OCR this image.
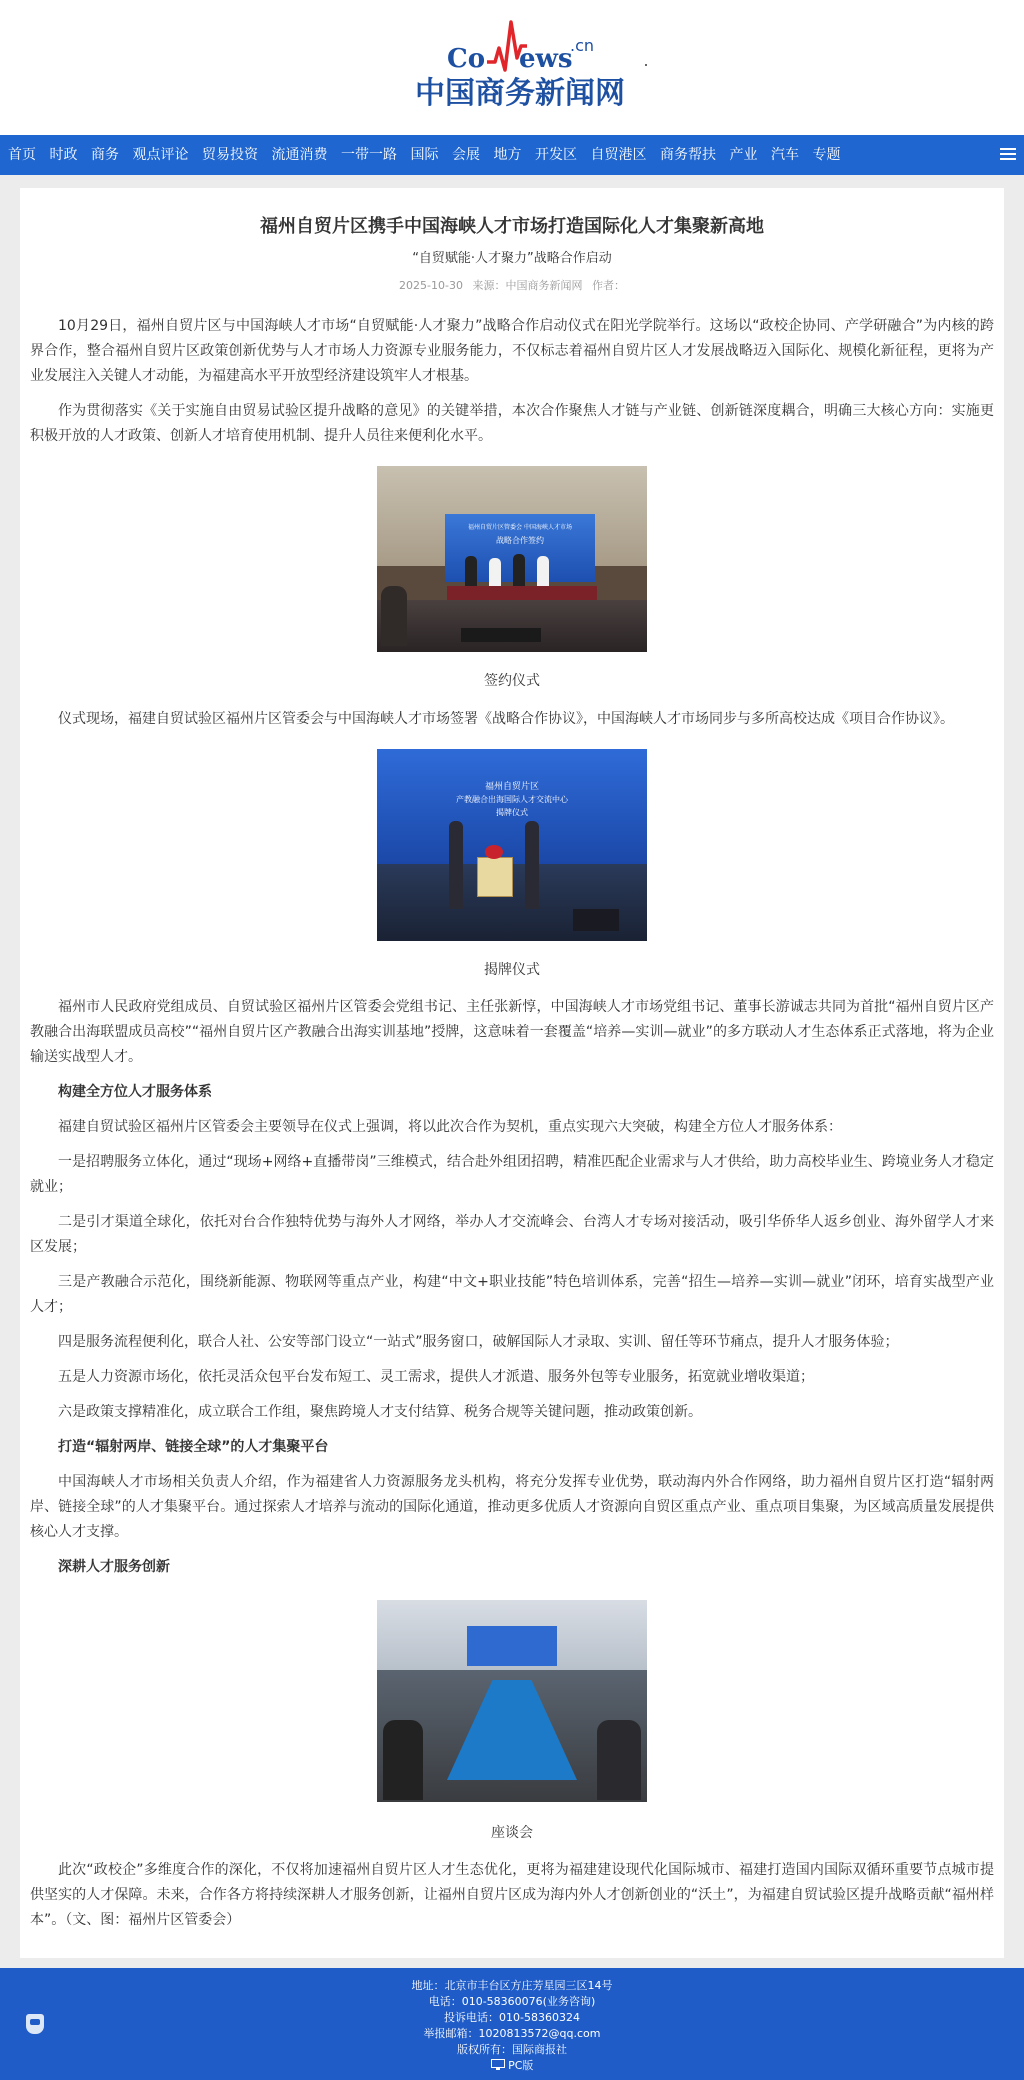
Co ews
.cn
中国商务新闻网
首页 时政 商务 观点评论 贸易投资 流通消费 一带一路 国际 会展 地方 开发区 自贸港区 商务帮扶 产业 汽车 专题
福州自贸片区携手中国海峡人才市场打造国际化人才集聚新高地
“自贸赋能·人才聚力”战略合作启动
2025-10-30 来源：中国商务新闻网 作者：
10月29日，福州自贸片区与中国海峡人才市场“自贸赋能·人才聚力”战略合作启动仪式在阳光学院举行。这场以“政校企协同、产学研融合”为内核的跨界合作，整合福州自贸片区政策创新优势与人才市场人力资源专业服务能力，不仅标志着福州自贸片区人才发展战略迈入国际化、规模化新征程，更将为产业发展注入关键人才动能，为福建高水平开放型经济建设筑牢人才根基。
作为贯彻落实《关于实施自由贸易试验区提升战略的意见》的关键举措，本次合作聚焦人才链与产业链、创新链深度耦合，明确三大核心方向：实施更积极开放的人才政策、创新人才培育使用机制、提升人员往来便利化水平。
福州自贸片区管委会 中国海峡人才市场
战略合作签约
签约仪式
仪式现场，福建自贸试验区福州片区管委会与中国海峡人才市场签署《战略合作协议》，中国海峡人才市场同步与多所高校达成《项目合作协议》。
福州自贸片区
产教融合出海国际人才交流中心
揭牌仪式
揭牌仪式
福州市人民政府党组成员、自贸试验区福州片区管委会党组书记、主任张新惇，中国海峡人才市场党组书记、董事长游诚志共同为首批“福州自贸片区产教融合出海联盟成员高校”“福州自贸片区产教融合出海实训基地”授牌，这意味着一套覆盖“培养—实训—就业”的多方联动人才生态体系正式落地，将为企业输送实战型人才。
构建全方位人才服务体系
福建自贸试验区福州片区管委会主要领导在仪式上强调，将以此次合作为契机，重点实现六大突破，构建全方位人才服务体系：
一是招聘服务立体化，通过“现场+网络+直播带岗”三维模式，结合赴外组团招聘，精准匹配企业需求与人才供给，助力高校毕业生、跨境业务人才稳定就业；
二是引才渠道全球化，依托对台合作独特优势与海外人才网络，举办人才交流峰会、台湾人才专场对接活动，吸引华侨华人返乡创业、海外留学人才来区发展；
三是产教融合示范化，围绕新能源、物联网等重点产业，构建“中文+职业技能”特色培训体系，完善“招生—培养—实训—就业”闭环，培育实战型产业人才；
四是服务流程便利化，联合人社、公安等部门设立“一站式”服务窗口，破解国际人才录取、实训、留任等环节痛点，提升人才服务体验；
五是人力资源市场化，依托灵活众包平台发布短工、灵工需求，提供人才派遣、服务外包等专业服务，拓宽就业增收渠道；
六是政策支撑精准化，成立联合工作组，聚焦跨境人才支付结算、税务合规等关键问题，推动政策创新。
打造“辐射两岸、链接全球”的人才集聚平台
中国海峡人才市场相关负责人介绍，作为福建省人力资源服务龙头机构，将充分发挥专业优势，联动海内外合作网络，助力福州自贸片区打造“辐射两岸、链接全球”的人才集聚平台。通过探索人才培养与流动的国际化通道，推动更多优质人才资源向自贸区重点产业、重点项目集聚，为区域高质量发展提供核心人才支撑。
深耕人才服务创新
座谈会
此次“政校企”多维度合作的深化，不仅将加速福州自贸片区人才生态优化，更将为福建建设现代化国际城市、福建打造国内国际双循环重要节点城市提供坚实的人才保障。未来，合作各方将持续深耕人才服务创新，让福州自贸片区成为海内外人才创新创业的“沃土”，为福建自贸试验区提升战略贡献“福州样本”。（文、图：福州片区管委会）
地址：北京市丰台区方庄芳星园三区14号
电话：010-58360076(业务咨询)
投诉电话：010-58360324
举报邮箱：1020813572@qq.com
版权所有：国际商报社
PC版
